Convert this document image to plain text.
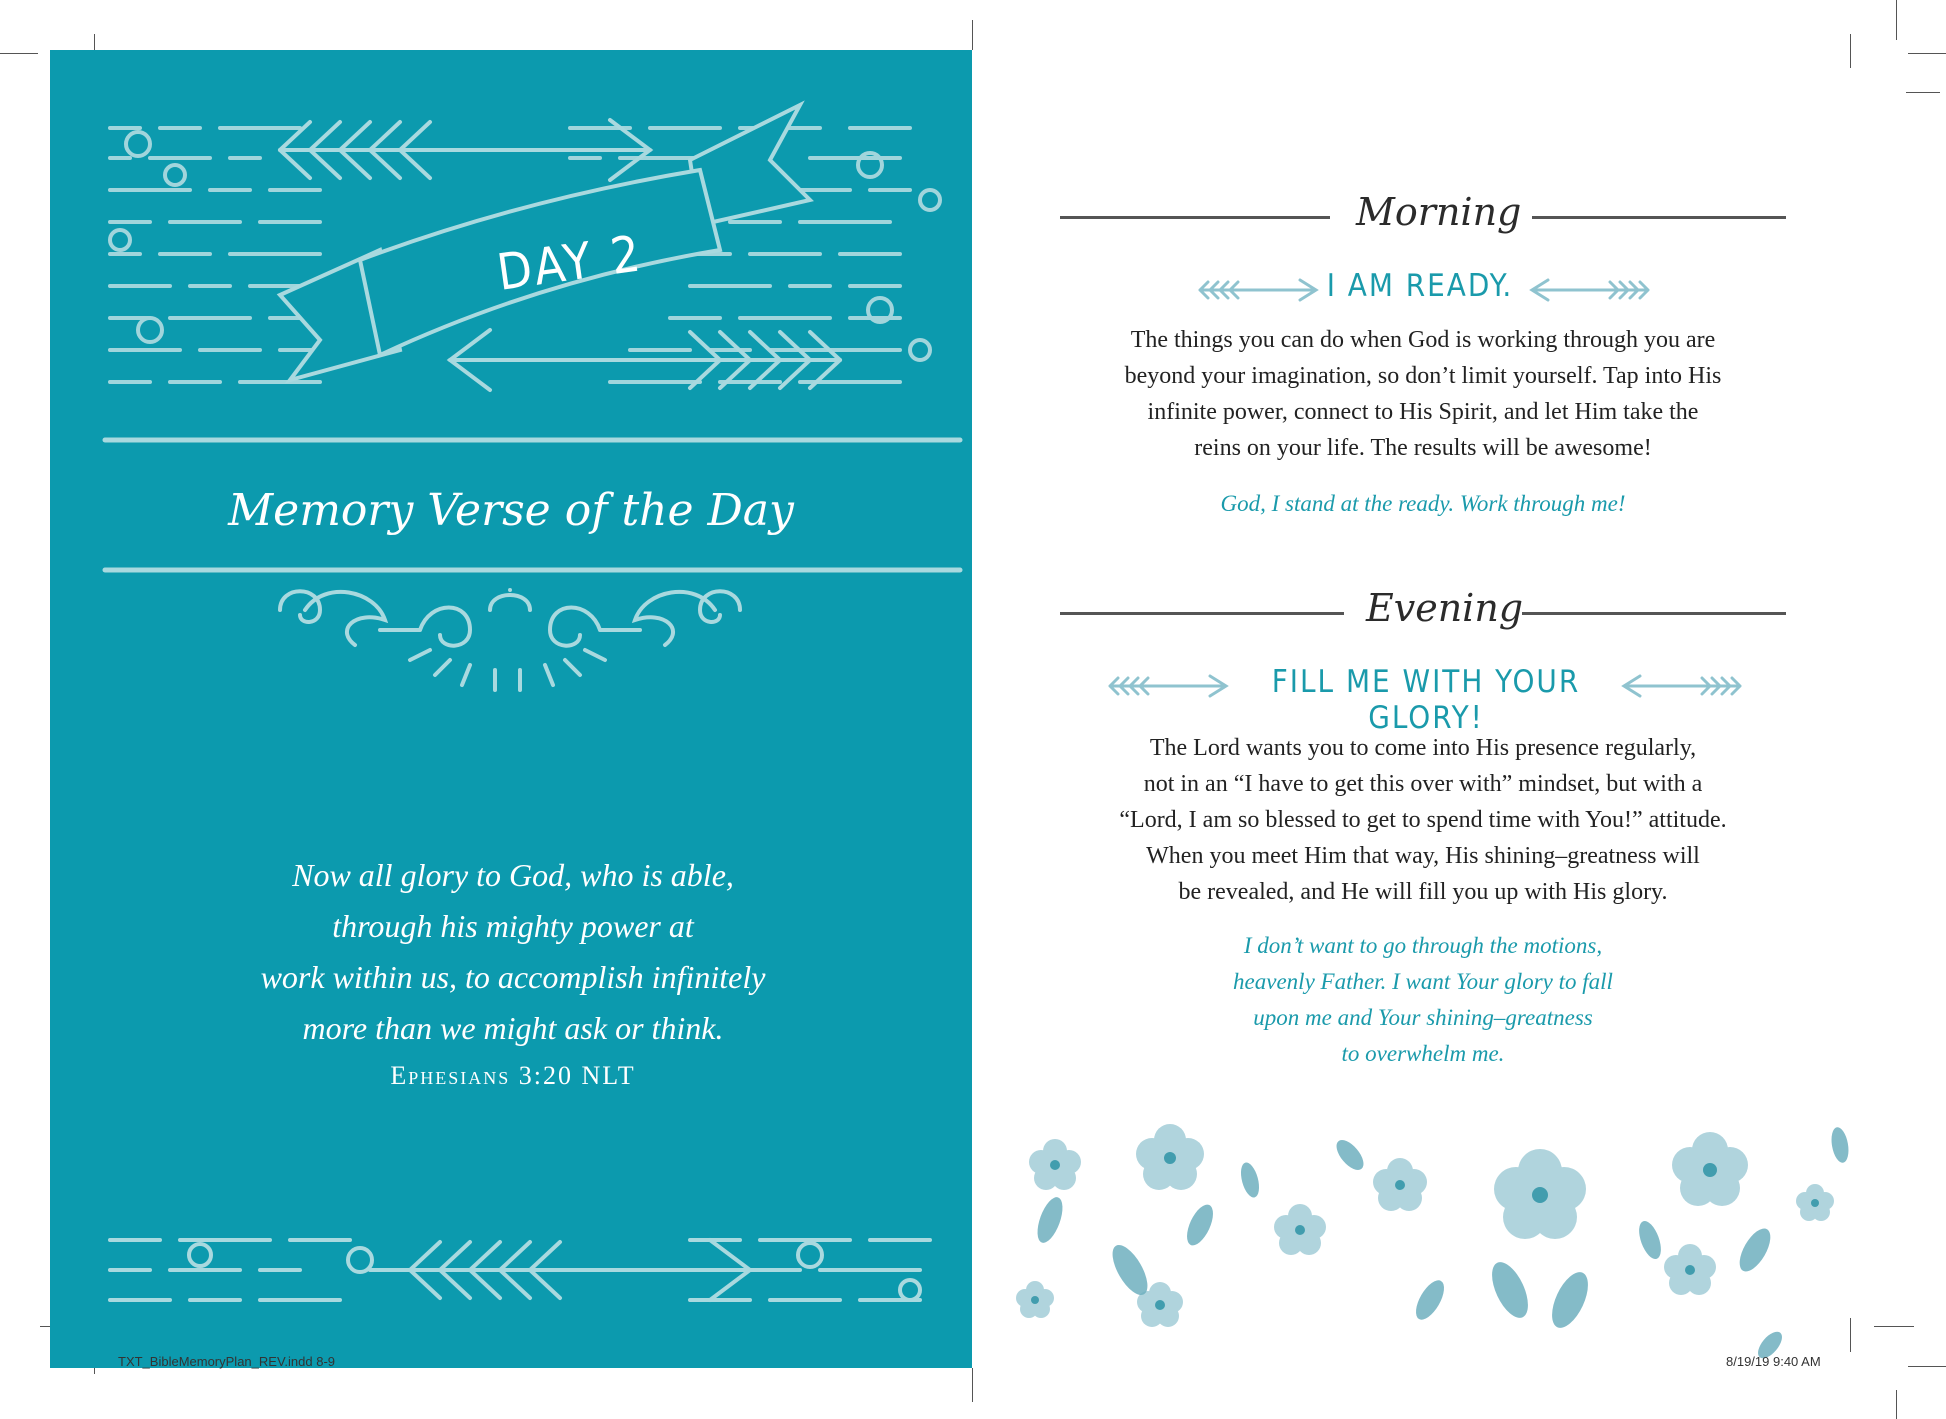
DAY 2
Memory Verse of the Day
Now all glory to God, who is able,
through his mighty power at
work within us, to accomplish infinitely
more than we might ask or think.
Ephesians 3:20 NLT
Morning
I AM READY.
The things you can do when God is working through you are
beyond your imagination, so don’t limit yourself. Tap into His
infinite power, connect to His Spirit, and let Him take the
reins on your life. The results will be awesome!
God, I stand at the ready. Work through me!
Evening
FILL ME WITH YOUR GLORY!
The Lord wants you to come into His presence regularly,
not in an “I have to get this over with” mindset, but with a
“Lord, I am so blessed to get to spend time with You!” attitude.
When you meet Him that way, His shining–greatness will
be revealed, and He will fill you up with His glory.
I don’t want to go through the motions,
heavenly Father. I want Your glory to fall
upon me and Your shining–greatness
to overwhelm me.
TXT_BibleMemoryPlan_REV.indd 8-9	8/19/19 9:40 AM
